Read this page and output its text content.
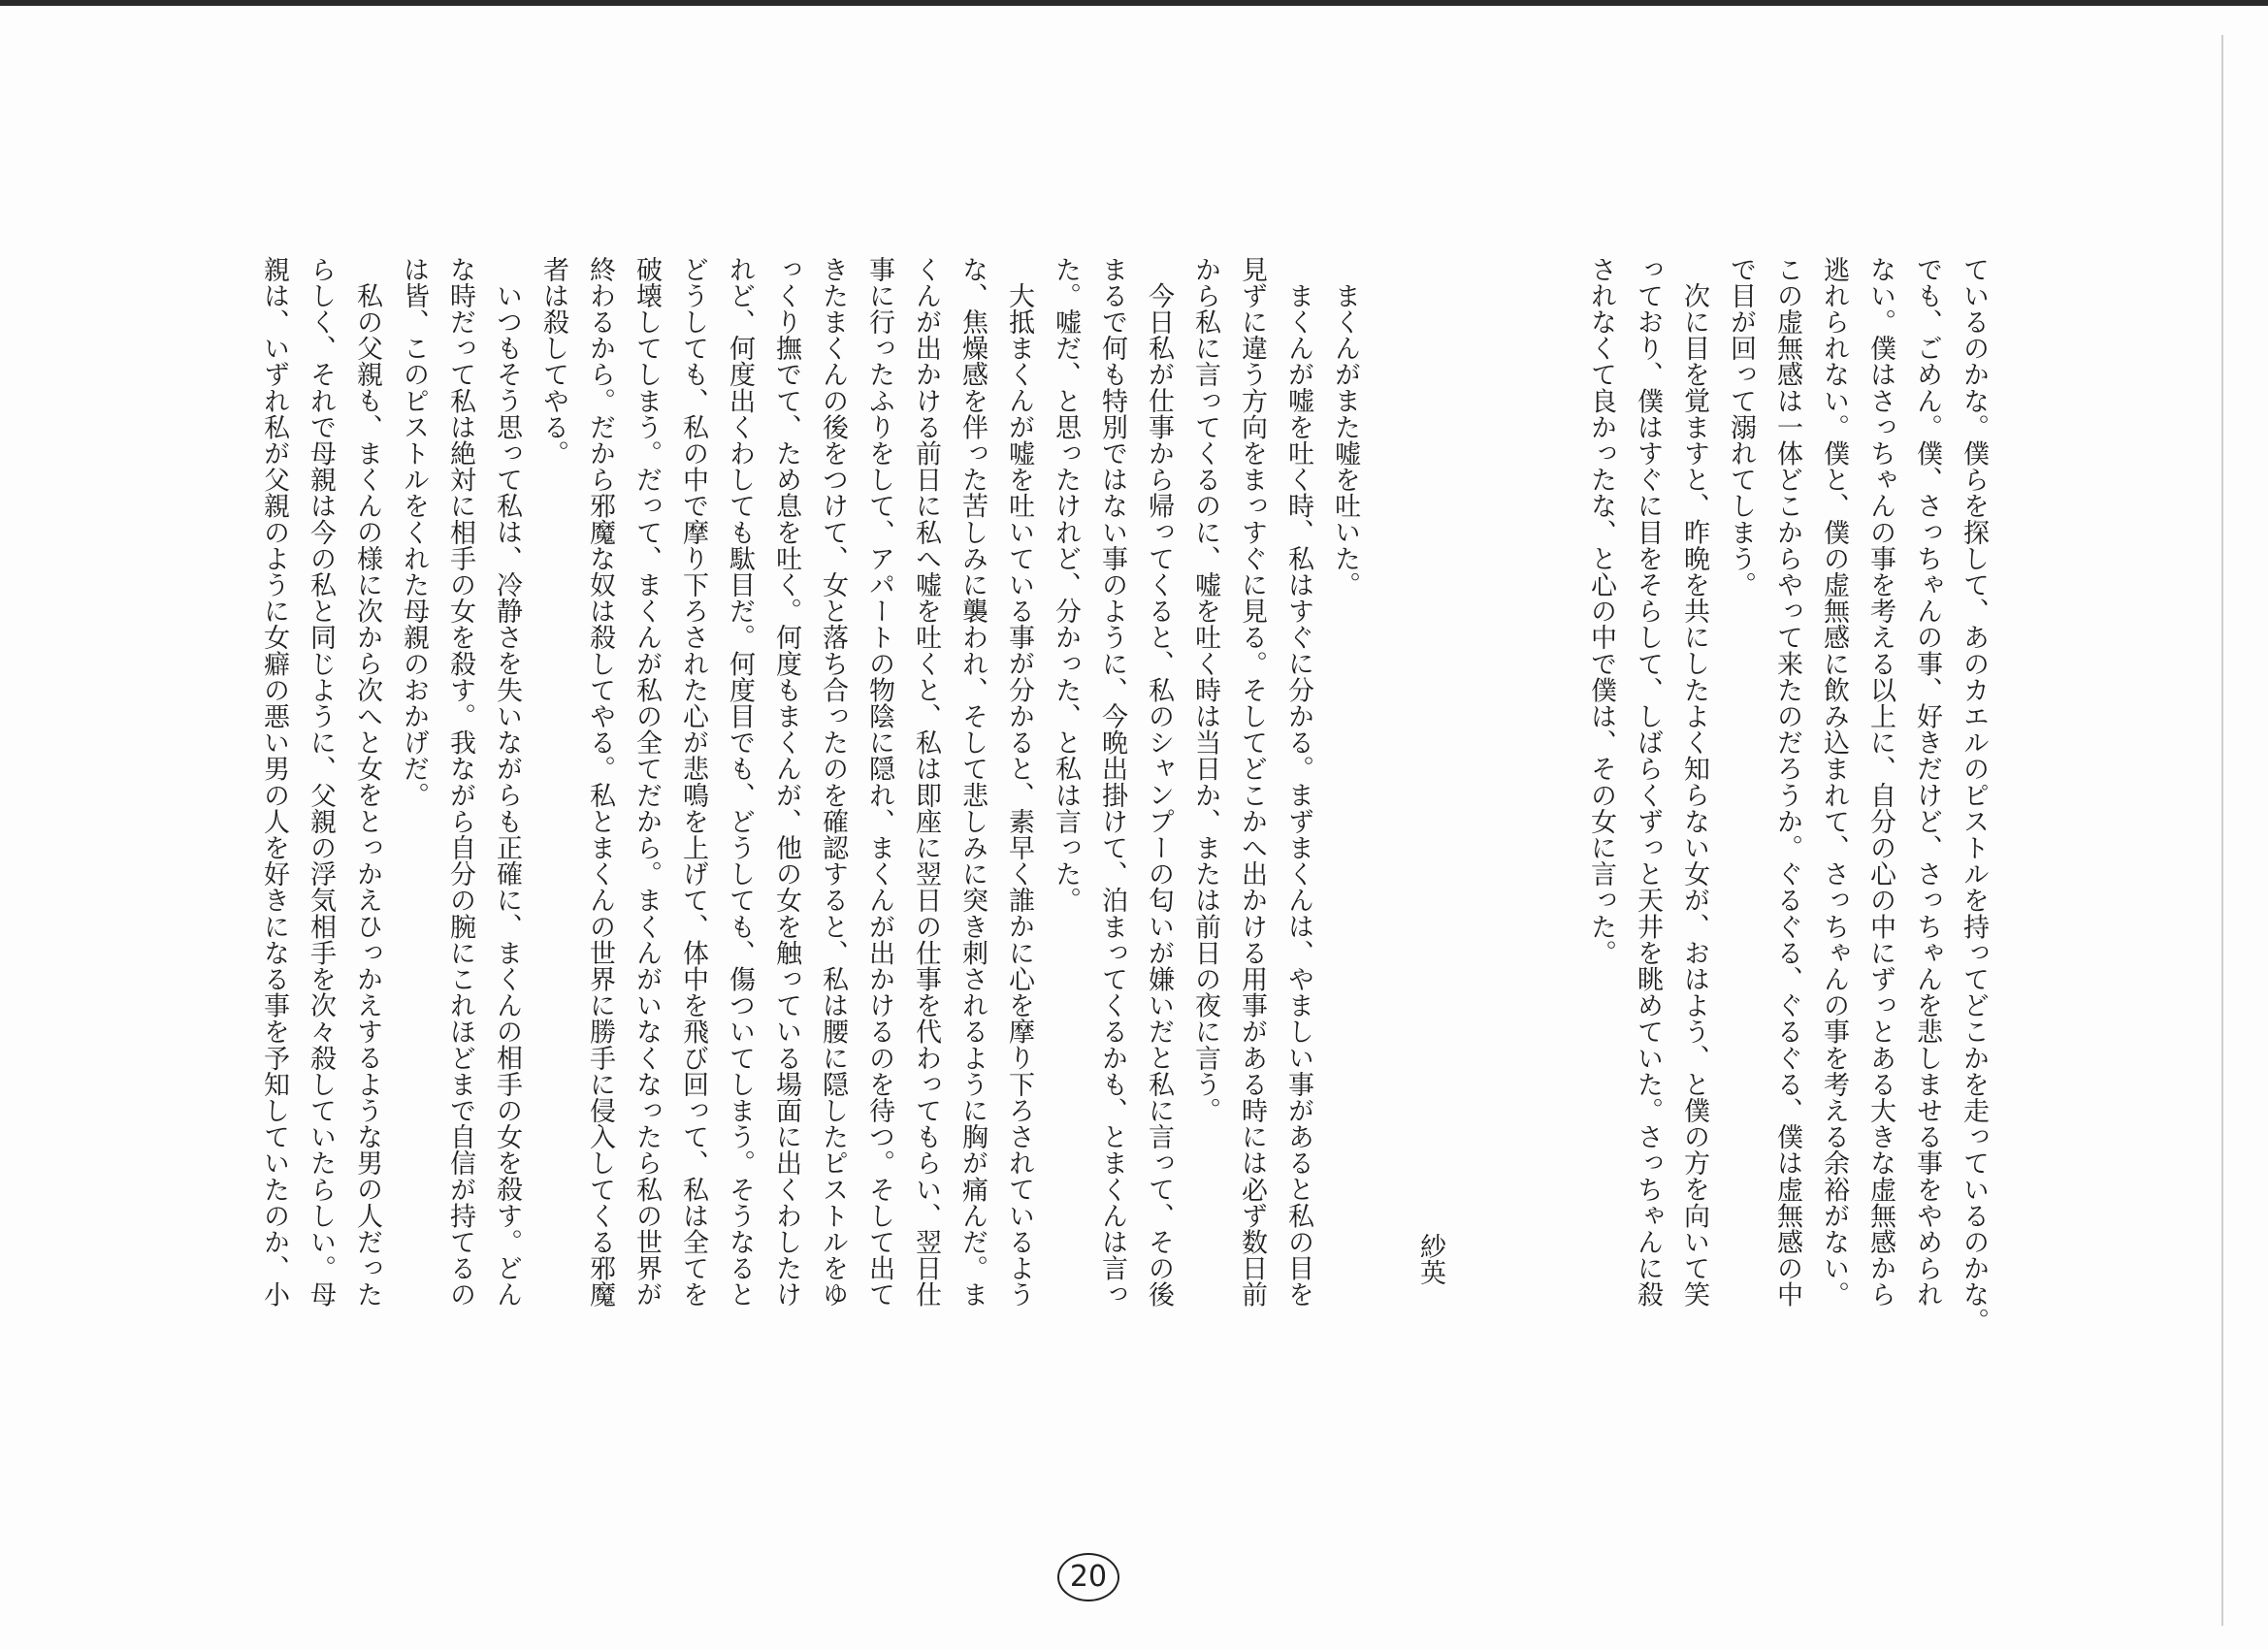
ているのかな。僕らを探して、あのカエルのピストルを持ってどこかを走っているのかな。
でも、ごめん。僕、さっちゃんの事、好きだけど、さっちゃんを悲しませる事をやめられ
ない。僕はさっちゃんの事を考える以上に、自分の心の中にずっとある大きな虚無感から
逃れられない。僕と、僕の虚無感に飲み込まれて、さっちゃんの事を考える余裕がない。
この虚無感は一体どこからやって来たのだろうか。ぐるぐる、ぐるぐる、僕は虚無感の中
で目が回って溺れてしまう。

次に目を覚ますと、昨晩を共にしたよく知らない女が、おはよう、と僕の方を向いて笑
っており、僕はすぐに目をそらして、しばらくずっと天井を眺めていた。さっちゃんに殺
されなくて良かったな、と心の中で僕は、その女に言った。

紗英

まくんがまた嘘を吐いた。

まくんが嘘を吐く時、私はすぐに分かる。まずまくんは、やましい事があると私の目を
見ずに違う方向をまっすぐに見る。そしてどこかへ出かける用事がある時には必ず数日前
から私に言ってくるのに、嘘を吐く時は当日か、または前日の夜に言う。

今日私が仕事から帰ってくると、私のシャンプーの匂いが嫌いだと私に言って、その後
まるで何も特別ではない事のように、今晩出掛けて、泊まってくるかも、とまくんは言っ
た。嘘だ、と思ったけれど、分かった、と私は言った。

大抵まくんが嘘を吐いている事が分かると、素早く誰かに心を摩り下ろされているよう
な、焦燥感を伴った苦しみに襲われ、そして悲しみに突き刺されるように胸が痛んだ。ま
くんが出かける前日に私へ嘘を吐くと、私は即座に翌日の仕事を代わってもらい、翌日仕
事に行ったふりをして、アパートの物陰に隠れ、まくんが出かけるのを待つ。そして出て
きたまくんの後をつけて、女と落ち合ったのを確認すると、私は腰に隠したピストルをゆ
っくり撫でて、ため息を吐く。何度もまくんが、他の女を触っている場面に出くわしたけ
れど、何度出くわしても駄目だ。何度目でも、どうしても、傷ついてしまう。そうなると
どうしても、私の中で摩り下ろされた心が悲鳴を上げて、体中を飛び回って、私は全てを
破壊してしまう。だって、まくんが私の全てだから。まくんがいなくなったら私の世界が
終わるから。だから邪魔な奴は殺してやる。私とまくんの世界に勝手に侵入してくる邪魔
者は殺してやる。

いつもそう思って私は、冷静さを失いながらも正確に、まくんの相手の女を殺す。どん
な時だって私は絶対に相手の女を殺す。我ながら自分の腕にこれほどまで自信が持てるの
は皆、このピストルをくれた母親のおかげだ。

私の父親も、まくんの様に次から次へと女をとっかえひっかえするような男の人だった
らしく、それで母親は今の私と同じように、父親の浮気相手を次々殺していたらしい。母
親は、いずれ私が父親のように女癖の悪い男の人を好きになる事を予知していたのか、小

20
